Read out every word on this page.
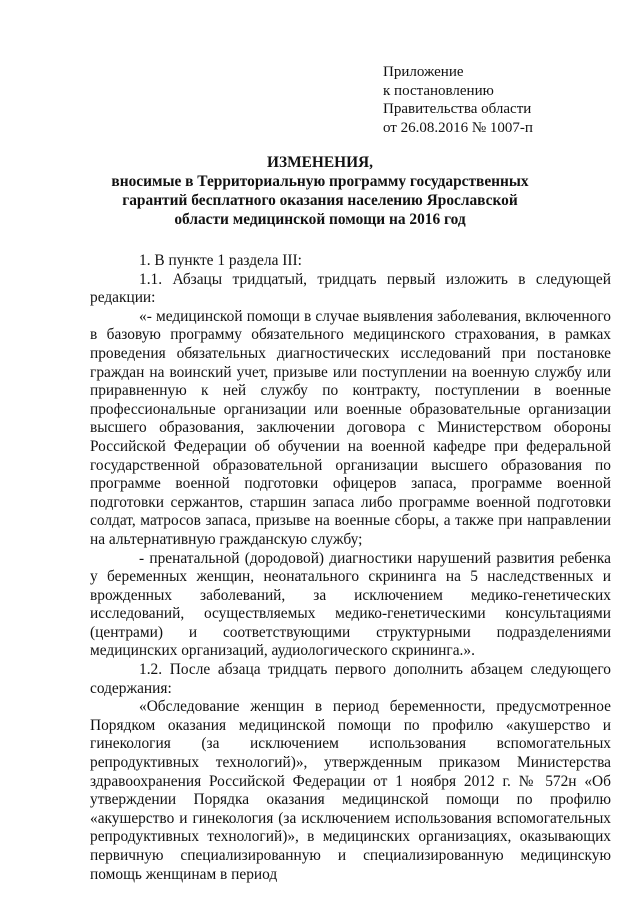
Приложение
к постановлению
Правительства области
от 26.08.2016 № 1007-п
ИЗМЕНЕНИЯ,
вносимые в Территориальную программу государственных гарантий бесплатного оказания населению Ярославской области медицинской помощи на 2016 год

1. В пункте 1 раздела III:

1.1. Абзацы тридцатый, тридцать первый изложить в следующей редакции:

«- медицинской помощи в случае выявления заболевания, включенного в базовую программу обязательного медицинского страхования, в рамках проведения обязательных диагностических исследований при постановке граждан на воинский учет, призыве или поступлении на военную службу или приравненную к ней службу по контракту, поступлении в военные профессиональные организации или военные образовательные организации высшего образования, заключении договора с Министерством обороны Российской Федерации об обучении на военной кафедре при федеральной государственной образовательной организации высшего образования по программе военной подготовки офицеров запаса, программе военной подготовки сержантов, старшин запаса либо программе военной подготовки солдат, матросов запаса, призыве на военные сборы, а также при направлении на альтернативную гражданскую службу;

- пренатальной (дородовой) диагностики нарушений развития ребенка у беременных женщин, неонатального скрининга на 5 наследственных и врожденных заболеваний, за исключением медико-генетических исследований, осуществляемых медико-генетическими консультациями (центрами) и соответствующими структурными подразделениями медицинских организаций, аудиологического скрининга.».

1.2. После абзаца тридцать первого дополнить абзацем следующего содержания:

«Обследование женщин в период беременности, предусмотренное Порядком оказания медицинской помощи по профилю «акушерство и гинекология (за исключением использования вспомогательных репродуктивных технологий)», утвержденным приказом Министерства здравоохранения Российской Федерации от 1 ноября 2012 г. № 572н «Об утверждении Порядка оказания медицинской помощи по профилю «акушерство и гинекология (за исключением использования вспомогательных репродуктивных технологий)», в медицинских организациях, оказывающих первичную специализированную и специализированную медицинскую помощь женщинам в период
